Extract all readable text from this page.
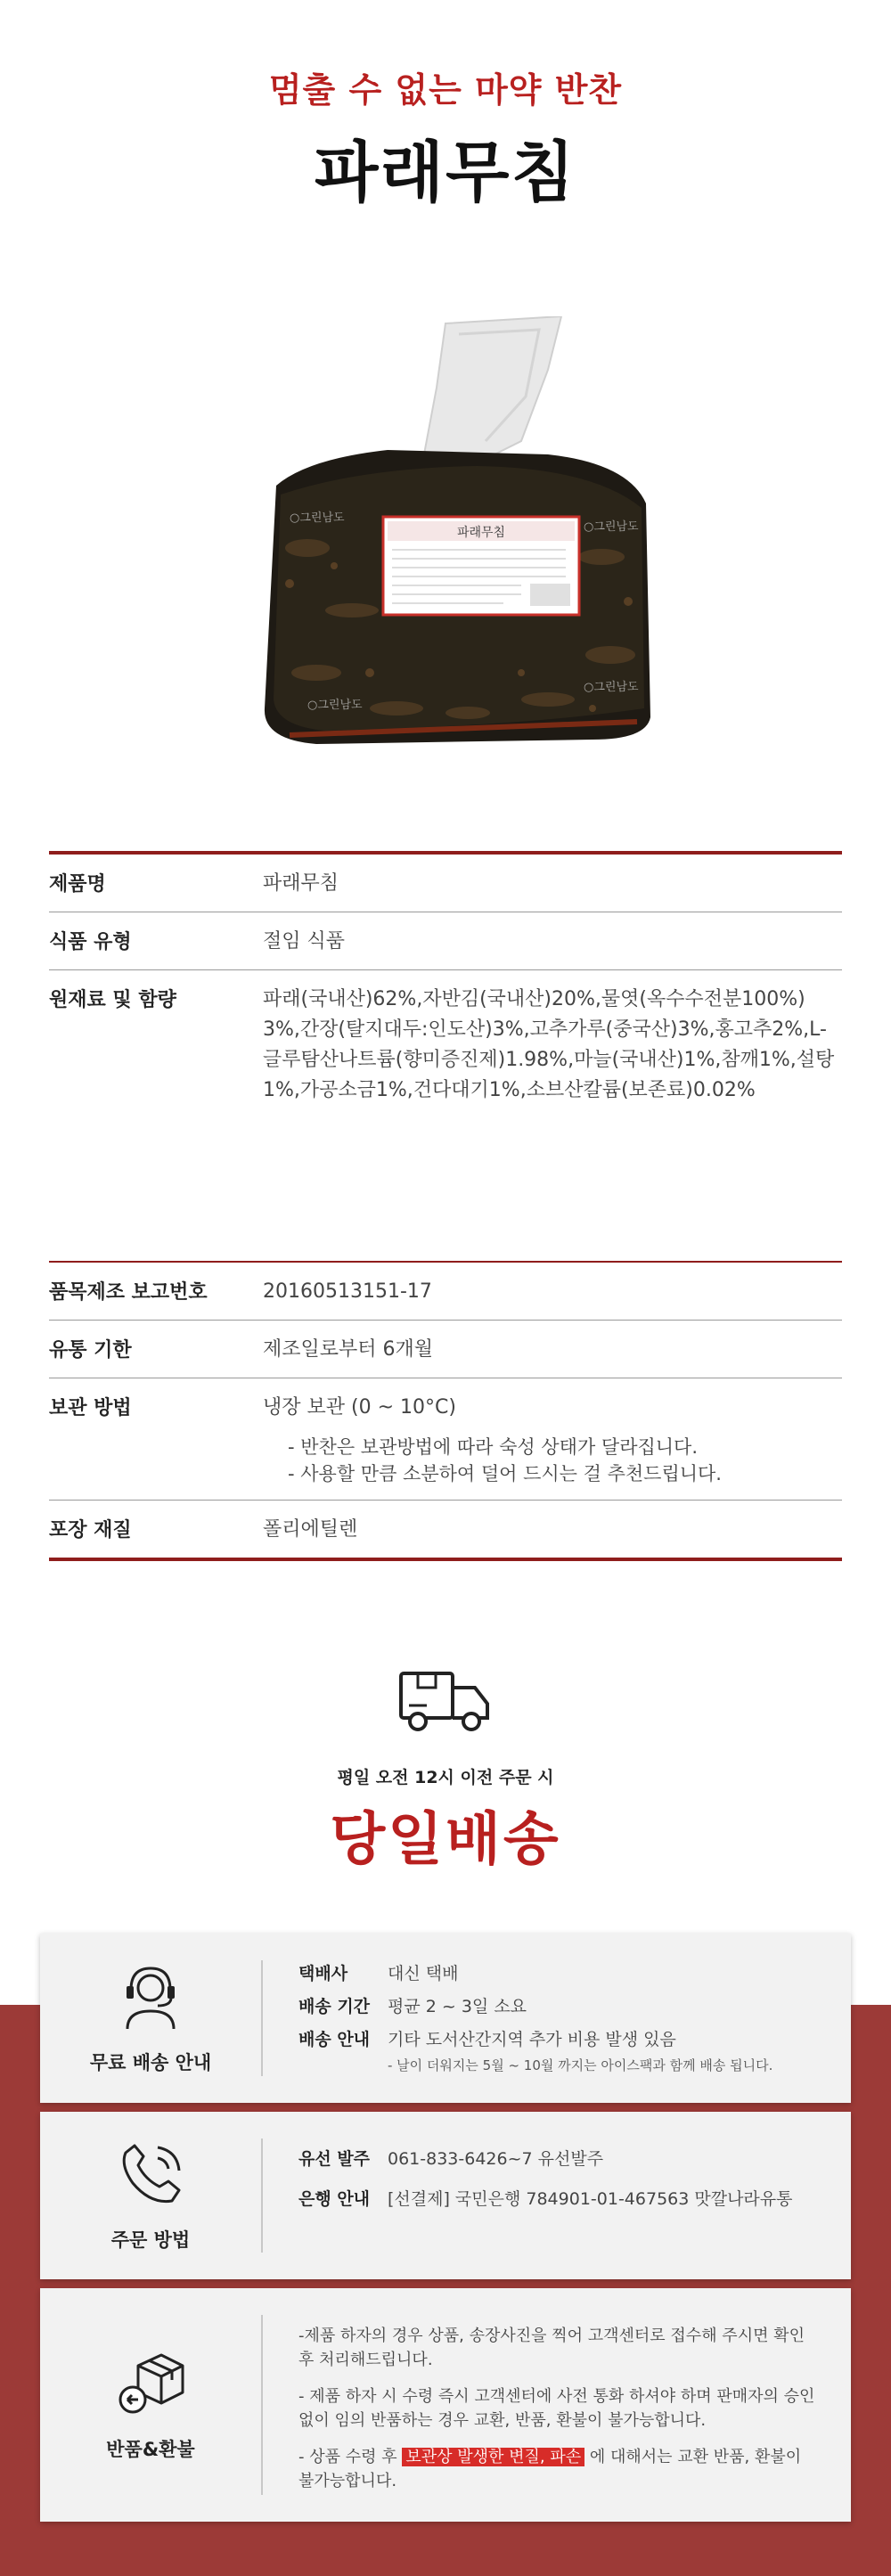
멈출 수 없는 마약 반찬
파래무침
파래무침
○그린남도
○그린남도
○그린남도
○그린남도
제품명	파래무침
식품 유형	절임 식품
원재료 및 함량	파래(국내산)62%,자반김(국내산)20%,물엿(옥수수전분100%)3%,간장(탈지대두:인도산)3%,고추가루(중국산)3%,홍고추2%,L-글루탐산나트륨(향미증진제)1.98%,마늘(국내산)1%,참깨1%,설탕1%,가공소금1%,건다대기1%,소브산칼륨(보존료)0.02%
품목제조 보고번호	20160513151-17
유통 기한	제조일로부터 6개월
보관 방법	냉장 보관 (0 ~ 10°C)
- 반찬은 보관방법에 따라 숙성 상태가 달라집니다.
- 사용할 만큼 소분하여 덜어 드시는 걸 추천드립니다.
포장 재질	폴리에틸렌
평일 오전 12시 이전 주문 시
당일배송
무료 배송 안내
택배사	대신 택배
배송 기간	평균 2 ~ 3일 소요
배송 안내	기타 도서산간지역 추가 비용 발생 있음
- 날이 더워지는 5월 ~ 10월 까지는 아이스팩과 함께 배송 됩니다.
주문 방법
유선 발주	061-833-6426~7 유선발주
은행 안내	[선결제] 국민은행 784901-01-467563 맛깔나라유통
반품&환불
-제품 하자의 경우 상품, 송장사진을 찍어 고객센터로 접수해 주시면 확인 후 처리해드립니다.
- 제품 하자 시 수령 즉시 고객센터에 사전 통화 하셔야 하며 판매자의 승인 없이 임의 반품하는 경우 교환, 반품, 환불이 불가능합니다.
- 상품 수령 후 보관상 발생한 변질, 파손 에 대해서는 교환 반품, 환불이 불가능합니다.
